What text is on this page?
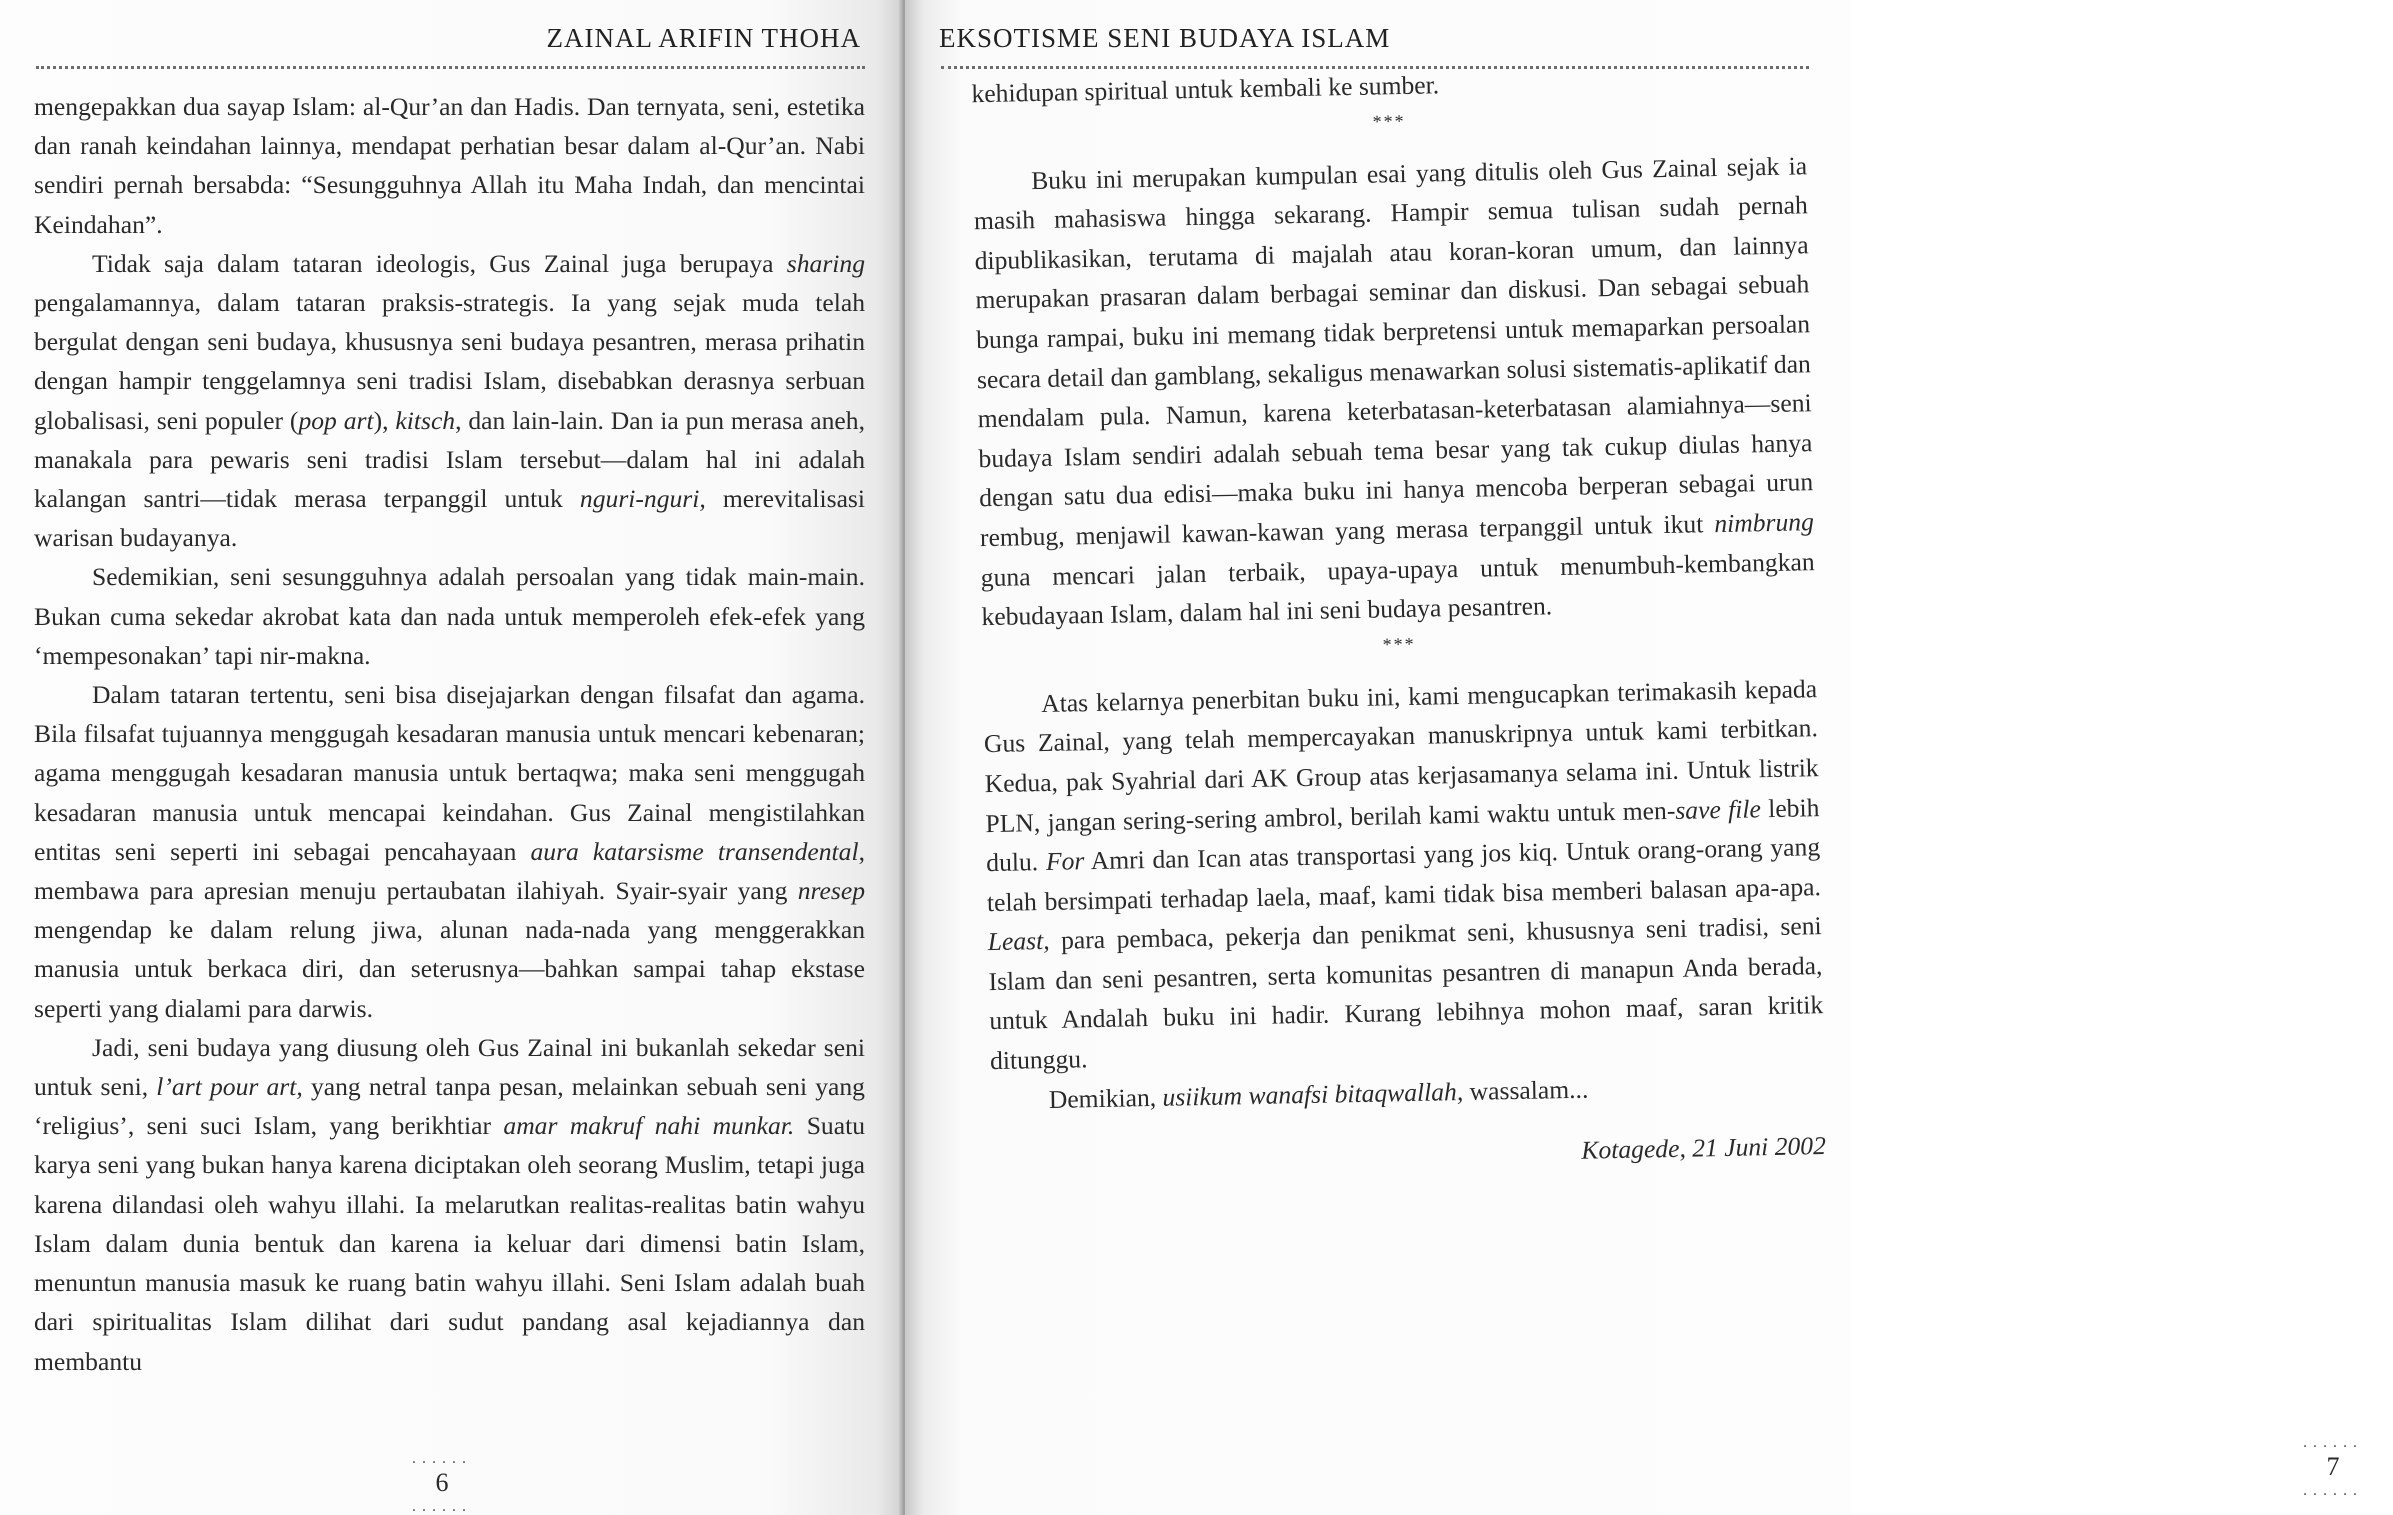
ZAINAL ARIFIN THOHA

mengepakkan dua sayap Islam: al-Qur’an dan Hadis. Dan ternyata, seni, estetika dan ranah keindahan lainnya, mendapat perhatian besar dalam al-Qur’an. Nabi sendiri pernah bersabda: “Sesungguhnya Allah itu Maha Indah, dan mencintai Keindahan”.

Tidak saja dalam tataran ideologis, Gus Zainal juga berupaya sharing pengalamannya, dalam tataran praksis-strategis. Ia yang sejak muda telah bergulat dengan seni budaya, khususnya seni budaya pesantren, merasa prihatin dengan hampir tenggelamnya seni tradisi Islam, disebabkan derasnya serbuan globalisasi, seni populer (pop art), kitsch, dan lain-lain. Dan ia pun merasa aneh, manakala para pewaris seni tradisi Islam tersebut—dalam hal ini adalah kalangan santri—tidak merasa terpanggil untuk nguri-nguri, merevitalisasi warisan budayanya.

Sedemikian, seni sesungguhnya adalah persoalan yang tidak main-main. Bukan cuma sekedar akrobat kata dan nada untuk memperoleh efek-efek yang ‘mempesonakan’ tapi nir-makna.

Dalam tataran tertentu, seni bisa disejajarkan dengan filsafat dan agama. Bila filsafat tujuannya menggugah kesadaran manusia untuk mencari kebenaran; agama menggugah kesadaran manusia untuk bertaqwa; maka seni menggugah kesadaran manusia untuk mencapai keindahan. Gus Zainal mengistilahkan entitas seni seperti ini sebagai pencahayaan aura katarsisme transendental, membawa para apresian menuju pertaubatan ilahiyah. Syair-syair yang nresep mengendap ke dalam relung jiwa, alunan nada-nada yang menggerakkan manusia untuk berkaca diri, dan seterusnya—bahkan sampai tahap ekstase seperti yang dialami para darwis.

Jadi, seni budaya yang diusung oleh Gus Zainal ini bukanlah sekedar seni untuk seni, l’art pour art, yang netral tanpa pesan, melainkan sebuah seni yang ‘religius’, seni suci Islam, yang berikhtiar amar makruf nahi munkar. Suatu karya seni yang bukan hanya karena diciptakan oleh seorang Muslim, tetapi juga karena dilandasi oleh wahyu illahi. Ia melarutkan realitas-realitas batin wahyu Islam dalam dunia bentuk dan karena ia keluar dari dimensi batin Islam, menuntun manusia masuk ke ruang batin wahyu illahi. Seni Islam adalah buah dari spiritualitas Islam dilihat dari sudut pandang asal kejadiannya dan membantu

......
6
......
EKSOTISME SENI BUDAYA ISLAM

kehidupan spiritual untuk kembali ke sumber.

***

Buku ini merupakan kumpulan esai yang ditulis oleh Gus Zainal sejak ia masih mahasiswa hingga sekarang. Hampir semua tulisan sudah pernah dipublikasikan, terutama di majalah atau koran-koran umum, dan lainnya merupakan prasaran dalam berbagai seminar dan diskusi. Dan sebagai sebuah bunga rampai, buku ini memang tidak berpretensi untuk memaparkan persoalan secara detail dan gamblang, sekaligus menawarkan solusi sistematis-aplikatif dan mendalam pula. Namun, karena keterbatasan-keterbatasan alamiahnya—seni budaya Islam sendiri adalah sebuah tema besar yang tak cukup diulas hanya dengan satu dua edisi—maka buku ini hanya mencoba berperan sebagai urun rembug, menjawil kawan-kawan yang merasa terpanggil untuk ikut nimbrung guna mencari jalan terbaik, upaya-upaya untuk menumbuh-kembangkan kebudayaan Islam, dalam hal ini seni budaya pesantren.

***

Atas kelarnya penerbitan buku ini, kami mengucapkan terimakasih kepada Gus Zainal, yang telah mempercayakan manuskripnya untuk kami terbitkan. Kedua, pak Syahrial dari AK Group atas kerjasamanya selama ini. Untuk listrik PLN, jangan sering-sering ambrol, berilah kami waktu untuk men-save file lebih dulu. For Amri dan Ican atas transportasi yang jos kiq. Untuk orang-orang yang telah bersimpati terhadap laela, maaf, kami tidak bisa memberi balasan apa-apa. Least, para pembaca, pekerja dan penikmat seni, khususnya seni tradisi, seni Islam dan seni pesantren, serta komunitas pesantren di manapun Anda berada, untuk Andalah buku ini hadir. Kurang lebihnya mohon maaf, saran kritik ditunggu.

Demikian, usiikum wanafsi bitaqwallah, wassalam...

Kotagede, 21 Juni 2002
......
7
......
